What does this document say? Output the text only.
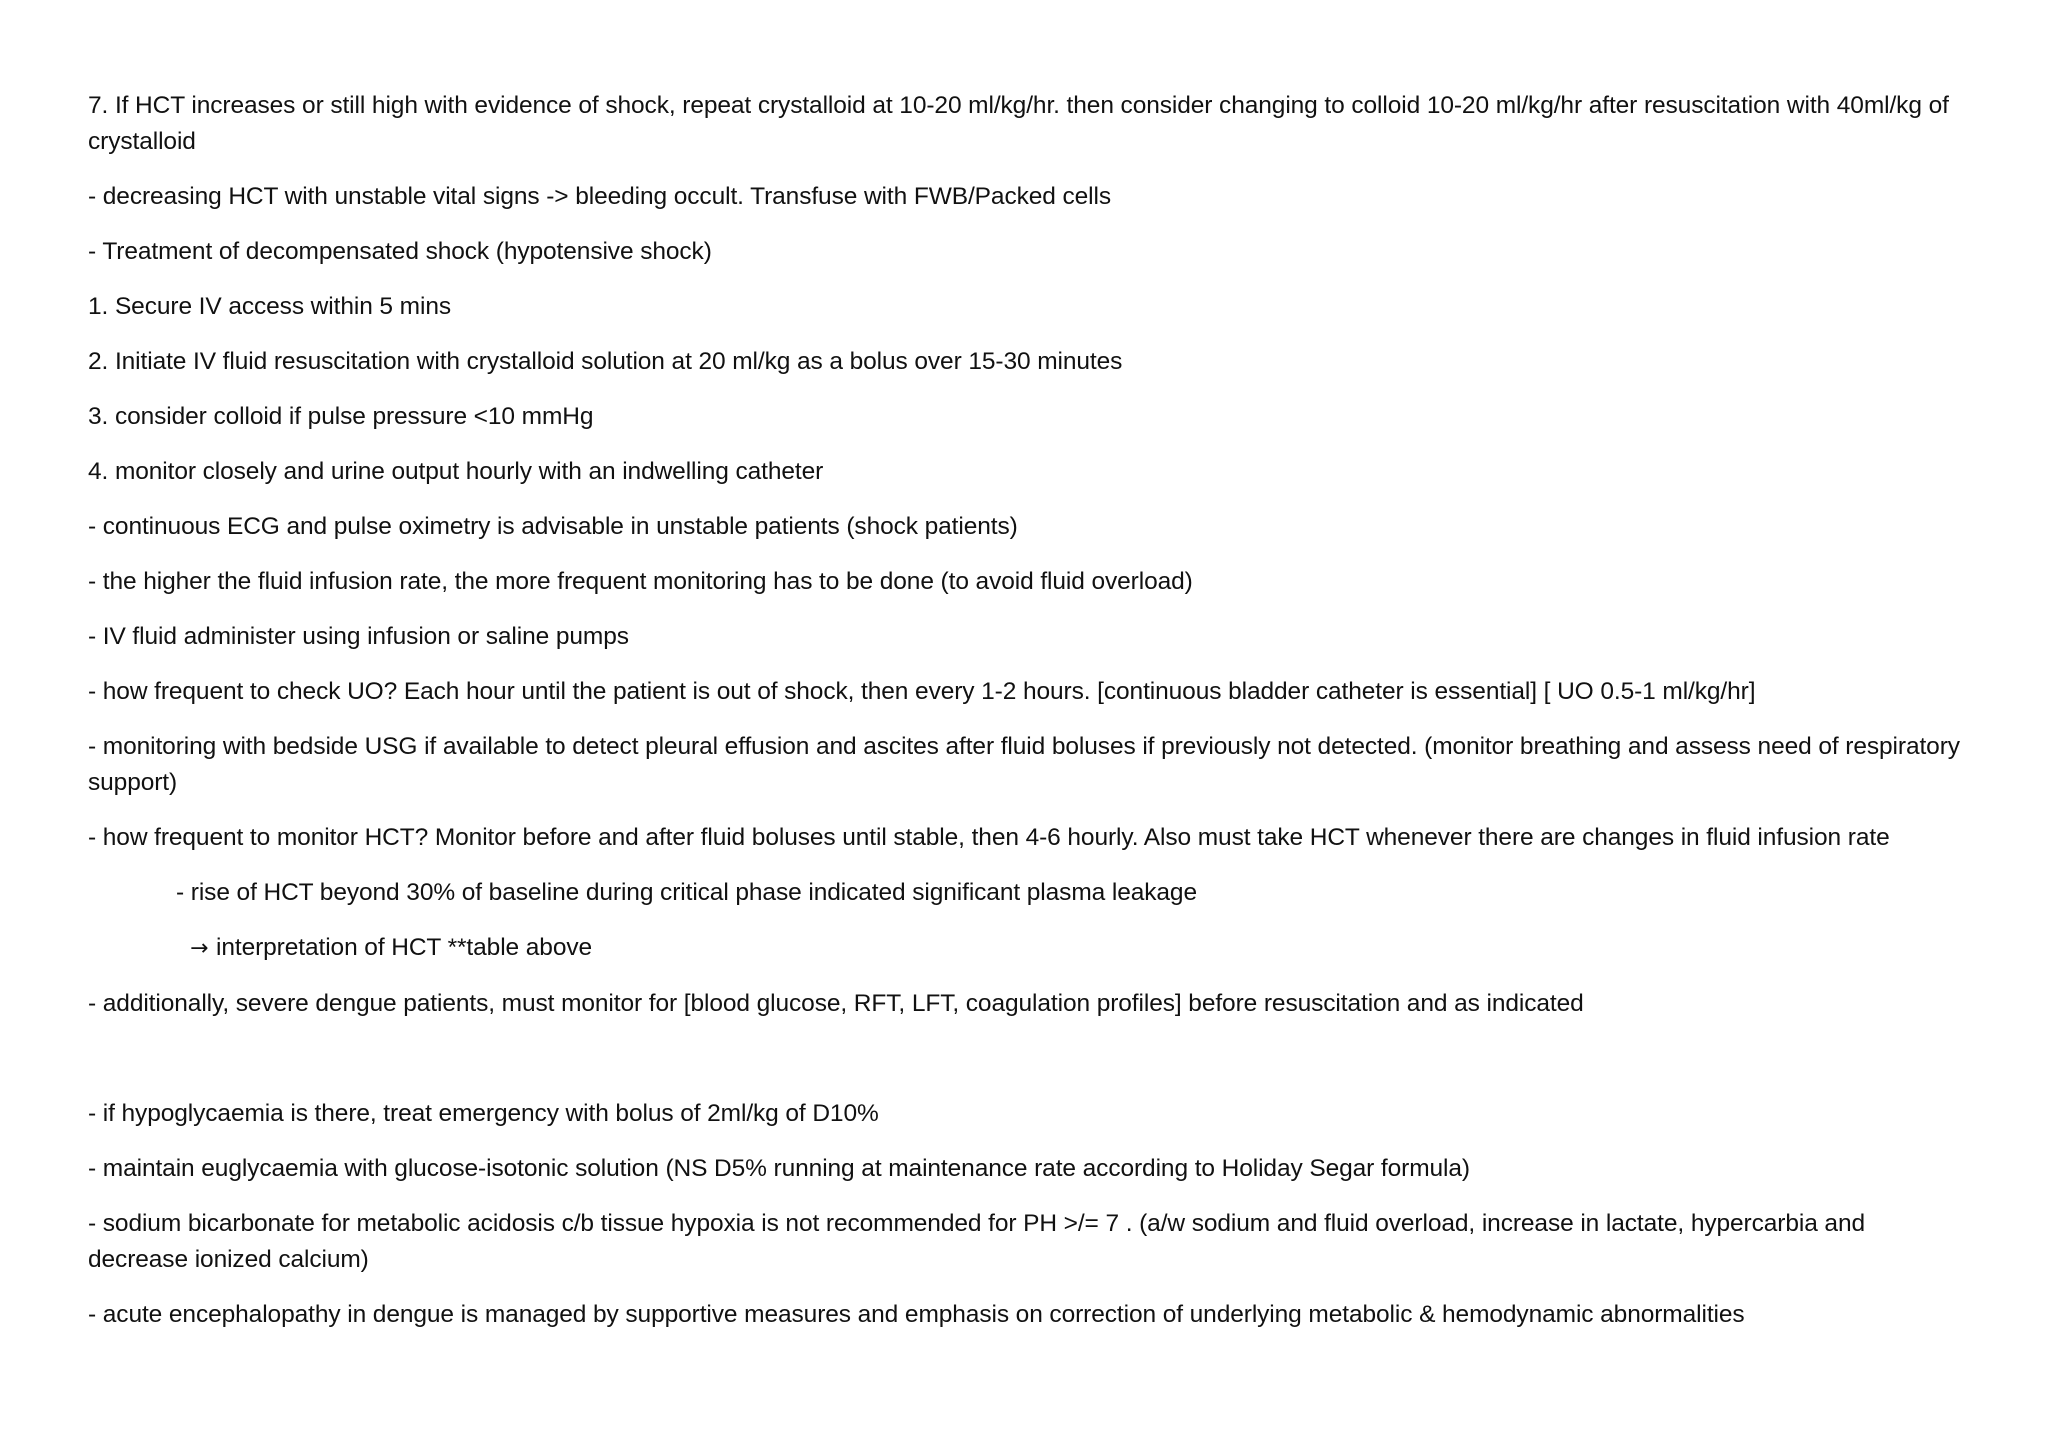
7. If HCT increases or still high with evidence of shock, repeat crystalloid at 10-20 ml/kg/hr. then consider changing to colloid 10-20 ml/kg/hr after resuscitation with 40ml/kg of crystalloid

- decreasing HCT with unstable vital signs -> bleeding occult. Transfuse with FWB/Packed cells

- Treatment of decompensated shock (hypotensive shock)

1. Secure IV access within 5 mins

2. Initiate IV fluid resuscitation with crystalloid solution at 20 ml/kg as a bolus over 15-30 minutes

3. consider colloid if pulse pressure <10 mmHg

4. monitor closely and urine output hourly with an indwelling catheter

- continuous ECG and pulse oximetry is advisable in unstable patients (shock patients)

- the higher the fluid infusion rate, the more frequent monitoring has to be done (to avoid fluid overload)

- IV fluid administer using infusion or saline pumps

- how frequent to check UO? Each hour until the patient is out of shock, then every 1-2 hours. [continuous bladder catheter is essential] [ UO 0.5-1 ml/kg/hr]

- monitoring with bedside USG if available to detect pleural effusion and ascites after fluid boluses if previously not detected. (monitor breathing and assess need of respiratory support)

- how frequent to monitor HCT? Monitor before and after fluid boluses until stable, then 4-6 hourly. Also must take HCT whenever there are changes in fluid infusion rate

- rise of HCT beyond 30% of baseline during critical phase indicated significant plasma leakage

→ interpretation of HCT **table above

- additionally, severe dengue patients, must monitor for [blood glucose, RFT, LFT, coagulation profiles] before resuscitation and as indicated

- if hypoglycaemia is there, treat emergency with bolus of 2ml/kg of D10%

- maintain euglycaemia with glucose-isotonic solution (NS D5% running at maintenance rate according to Holiday Segar formula)

- sodium bicarbonate for metabolic acidosis c/b tissue hypoxia is not recommended for PH >/= 7 . (a/w sodium and fluid overload, increase in lactate, hypercarbia and decrease ionized calcium)

- acute encephalopathy in dengue is managed by supportive measures and emphasis on correction of underlying metabolic & hemodynamic abnormalities
